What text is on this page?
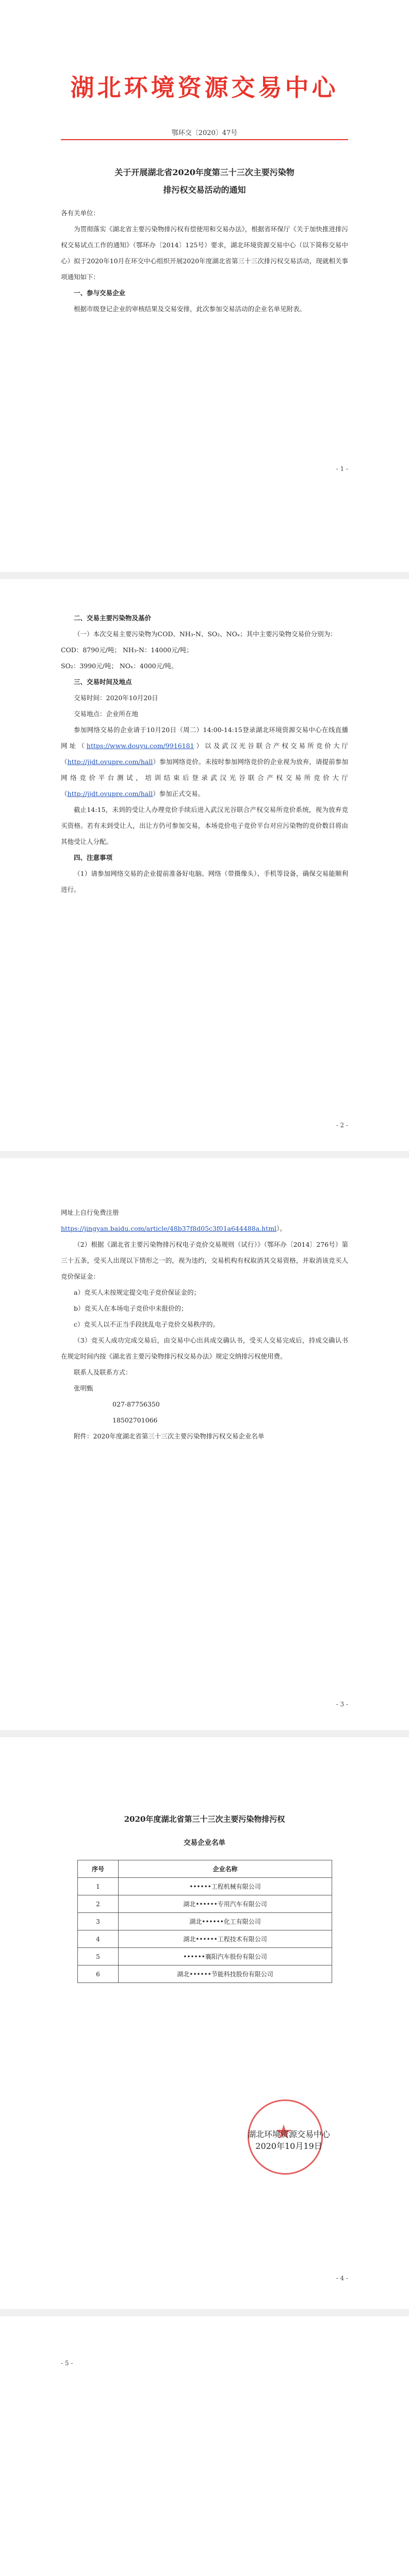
湖北环境资源交易中心
鄂环交〔2020〕47号
关于开展湖北省2020年度第三十三次主要污染物
排污权交易活动的通知

各有关单位：

为贯彻落实《湖北省主要污染物排污权有偿使用和交易办法》，根据省环保厅《关于加快推进排污权交易试点工作的通知》（鄂环办〔2014〕125号）要求，湖北环境资源交易中心（以下简称交易中心）拟于2020年10月在环交中心组织开展2020年度湖北省第三十三次排污权交易活动，现就相关事项通知如下：

一、参与交易企业

根据市级登记企业的审核结果及交易安排，此次参加交易活动的企业名单见附表。

- 1 -

二、交易主要污染物及基价

（一）本次交易主要污染物为COD、NH₃-N、SO₂、NOₓ；其中主要污染物交易价分别为：

COD：8790元/吨； NH₃-N：14000元/吨；

SO₂：3990元/吨； NOₓ：4000元/吨。

三、交易时间及地点

交易时间：2020年10月20日

交易地点：企业所在地

参加网络交易的企业请于10月20日（周二）14:00-14:15登录湖北环境资源交易中心在线直播网址（https://www.douyu.com/9916181）以及武汉光谷联合产权交易所竞价大厅（http://jjdt.ovupre.com/hall）参加网络竞价。未按时参加网络竞价的企业视为放弃，请提前参加网络竞价平台测试，培训结束后登录武汉光谷联合产权交易所竞价大厅（http://jjdt.ovupre.com/hall）参加正式交易。

截止14:15，未到的受让人办理竞价手续后进入武汉光谷联合产权交易所竞价系统，视为放弃竞买资格。若有未到受让人，出让方仍可参加交易，本场竞价电子竞价平台对应污染物的竞价数目将由其他受让人分配。

四、注意事项

（1）请参加网络交易的企业提前准备好电脑、网络（带摄像头）、手机等设备，确保交易能顺利进行。

- 2 -

网址上自行免费注册
https://jingyan.baidu.com/article/48b37f8d05c3f01a644488a.html）。

（2）根据《湖北省主要污染物排污权电子竞价交易规则（试行）》（鄂环办〔2014〕276号）第三十五条，受买人出现以下情形之一的，视为违约，交易机构有权取消其交易资格，并取消该竞买人竞价保证金：

a）竞买人未按规定提交电子竞价保证金的；

b）竞买人在本场电子竞价中未报价的；

c）竞买人以不正当手段扰乱电子竞价交易秩序的。

（3）竞买人成功完成交易后，由交易中心出具成交确认书，受买人交易完成后，持成交确认书在规定时间内按《湖北省主要污染物排污权交易办法》规定交纳排污权使用费。

联系人及联系方式：

张明甄

027-87756350

18502701066

附件：2020年度湖北省第三十三次主要污染物排污权交易企业名单

- 3 -
★
湖北环境资源交易中心
2020年10月19日
2020年度湖北省第三十三次主要污染物排污权
交易企业名单
序号	企业名称
1	••••••工程机械有限公司
2	湖北••••••专用汽车有限公司
3	湖北••••••化工有限公司
4	湖北••••••工程技术有限公司
5	••••••襄阳汽车股份有限公司
6	湖北••••••节能科技股份有限公司
- 4 -
- 5 -
